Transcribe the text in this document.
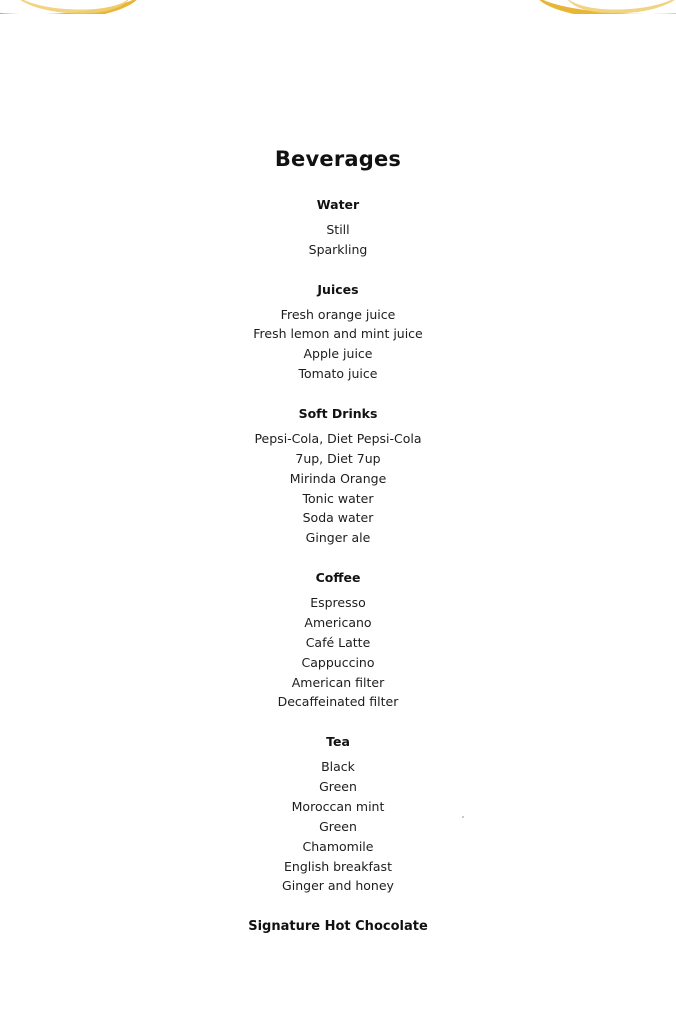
Beverages
Water
Still
Sparkling
Juices
Fresh orange juice
Fresh lemon and mint juice
Apple juice
Tomato juice
Soft Drinks
Pepsi-Cola, Diet Pepsi-Cola
7up, Diet 7up
Mirinda Orange
Tonic water
Soda water
Ginger ale
Coffee
Espresso
Americano
Café Latte
Cappuccino
American filter
Decaffeinated filter
Tea
Black
Green
Moroccan mint
Green
Chamomile
English breakfast
Ginger and honey
Signature Hot Chocolate
